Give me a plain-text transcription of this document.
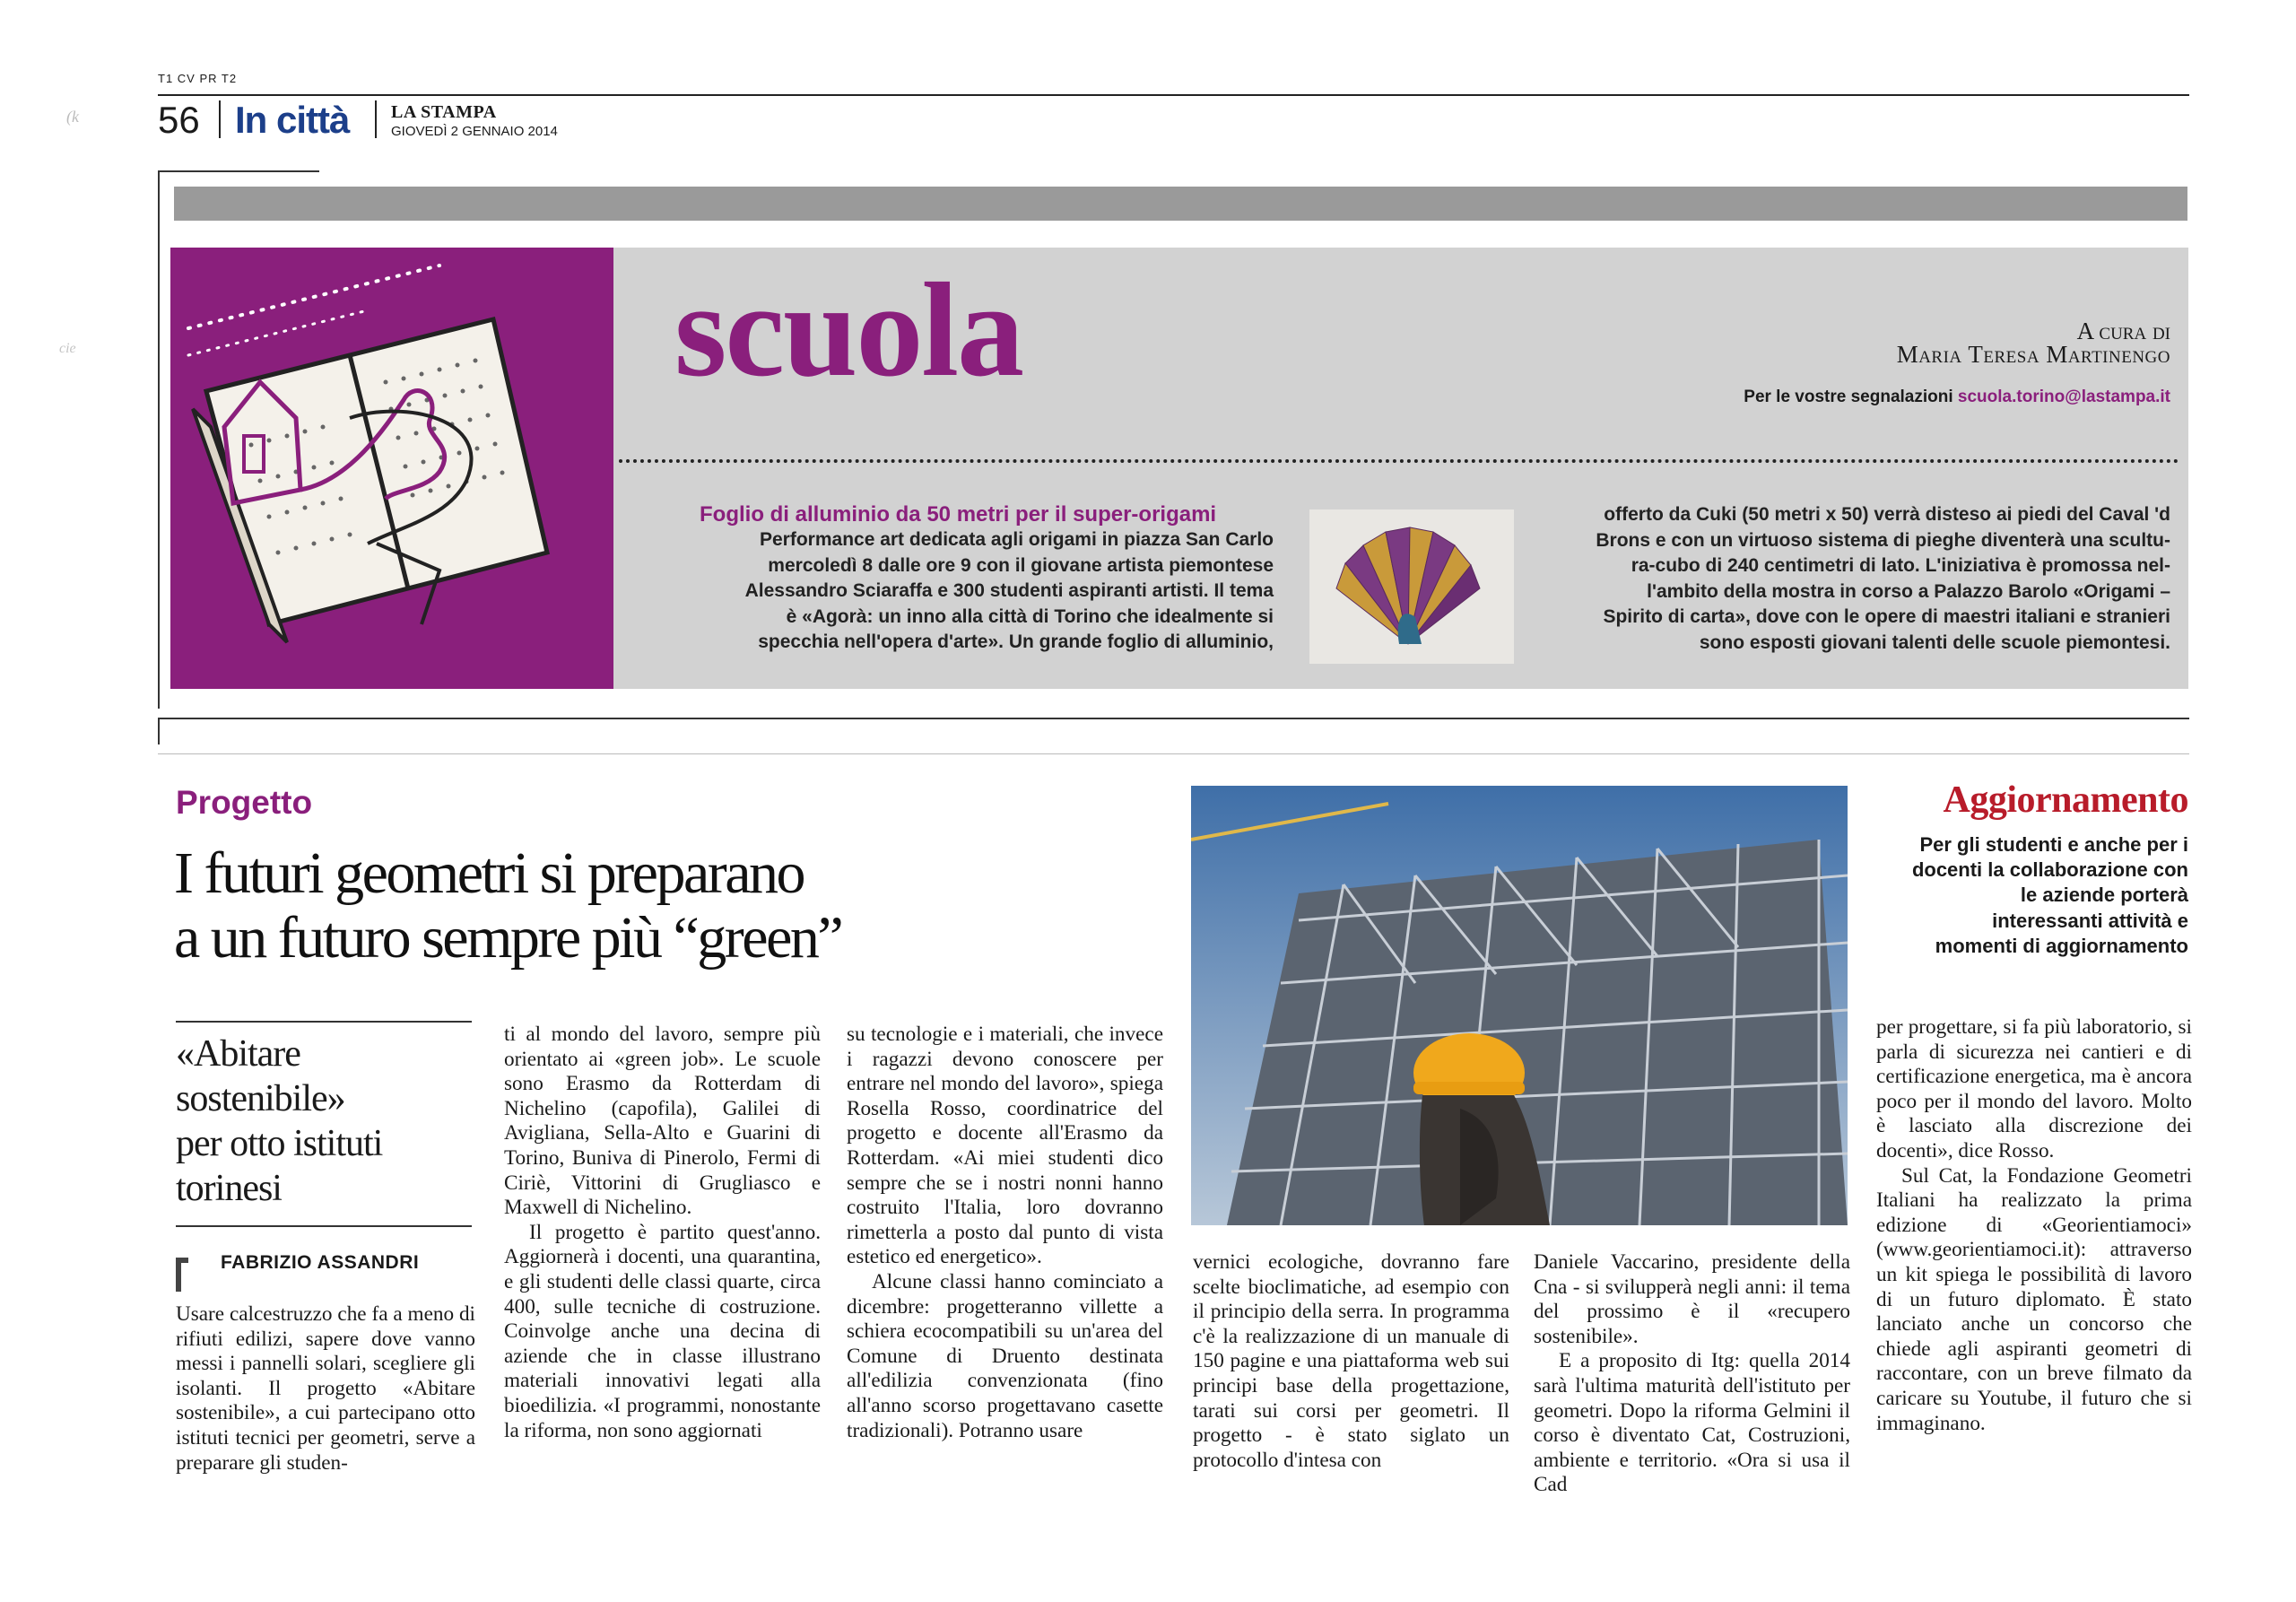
(k
cie
T1 CV PR T2
56 In città LA STAMPA
GIOVEDÌ 2 GENNAIO 2014
scuola	A cura di
Maria Teresa Martinengo
Per le vostre segnalazioni scuola.torino@lastampa.it
Foglio di alluminio da 50 metri per il super-origami
Performance art dedicata agli origami in piazza San Carlo
mercoledì 8 dalle ore 9 con il giovane artista piemontese
Alessandro Sciaraffa e 300 studenti aspiranti artisti. Il tema
è «Agorà: un inno alla città di Torino che idealmente si
specchia nell'opera d'arte». Un grande foglio di alluminio,
offerto da Cuki (50 metri x 50) verrà disteso ai piedi del Caval 'd
Brons e con un virtuoso sistema di pieghe diventerà una scultu-
ra-cubo di 240 centimetri di lato. L'iniziativa è promossa nel-
l'ambito della mostra in corso a Palazzo Barolo «Origami –
Spirito di carta», dove con le opere di maestri italiani e stranieri
sono esposti giovani talenti delle scuole piemontesi.
Progetto
I futuri geometri si preparano
a un futuro sempre più “green”
«Abitare
sostenibile»
per otto istituti
torinesi
FABRIZIO ASSANDRI

Usare calcestruzzo che fa a meno di rifiuti edilizi, sapere dove vanno messi i pannelli solari, scegliere gli isolanti. Il progetto «Abitare sostenibile», a cui partecipano otto istituti tecnici per geometri, serve a preparare gli studen-

ti al mondo del lavoro, sempre più orientato ai «green job». Le scuole sono Erasmo da Rotterdam di Nichelino (capofila), Galilei di Avigliana, Sella-Alto e Guarini di Torino, Buniva di Pinerolo, Fermi di Ciriè, Vittorini di Grugliasco e Maxwell di Nichelino.

Il progetto è partito quest'anno. Aggiornerà i docenti, una quarantina, e gli studenti delle classi quarte, circa 400, sulle tecniche di costruzione. Coinvolge anche una decina di aziende che in classe illustrano materiali innovativi legati alla bioedilizia. «I programmi, nonostante la riforma, non sono aggiornati

su tecnologie e i materiali, che invece i ragazzi devono conoscere per entrare nel mondo del lavoro», spiega Rosella Rosso, coordinatrice del progetto e docente all'Erasmo da Rotterdam. «Ai miei studenti dico sempre che se i nostri nonni hanno costruito l'Italia, loro dovranno rimetterla a posto dal punto di vista estetico ed energetico».

Alcune classi hanno cominciato a dicembre: progetteranno villette a schiera ecocompatibili su un'area del Comune di Druento destinata all'edilizia convenzionata (fino all'anno scorso progettavano casette tradizionali). Potranno usare

vernici ecologiche, dovranno fare scelte bioclimatiche, ad esempio con il principio della serra. In programma c'è la realizzazione di un manuale di 150 pagine e una piattaforma web sui principi base della progettazione, tarati sui corsi per geometri. Il progetto - è stato siglato un protocollo d'intesa con

Daniele Vaccarino, presidente della Cna - si svilupperà negli anni: il tema del prossimo è il «recupero sostenibile».

E a proposito di Itg: quella 2014 sarà l'ultima maturità dell'istituto per geometri. Dopo la riforma Gelmini il corso è diventato Cat, Costruzioni, ambiente e territorio. «Ora si usa il Cad

Aggiornamento
Per gli studenti e anche per i
docenti la collaborazione con
le aziende porterà
interessanti attività e
momenti di aggiornamento

per progettare, si fa più laboratorio, si parla di sicurezza nei cantieri e di certificazione energetica, ma è ancora poco per il mondo del lavoro. Molto è lasciato alla discrezione dei docenti», dice Rosso.

Sul Cat, la Fondazione Geometri Italiani ha realizzato la prima edizione di «Georientiamoci» (www.georientiamoci.it): attraverso un kit spiega le possibilità di lavoro di un futuro diplomato. È stato lanciato anche un concorso che chiede agli aspiranti geometri di raccontare, con un breve filmato da caricare su Youtube, il futuro che si immaginano.
